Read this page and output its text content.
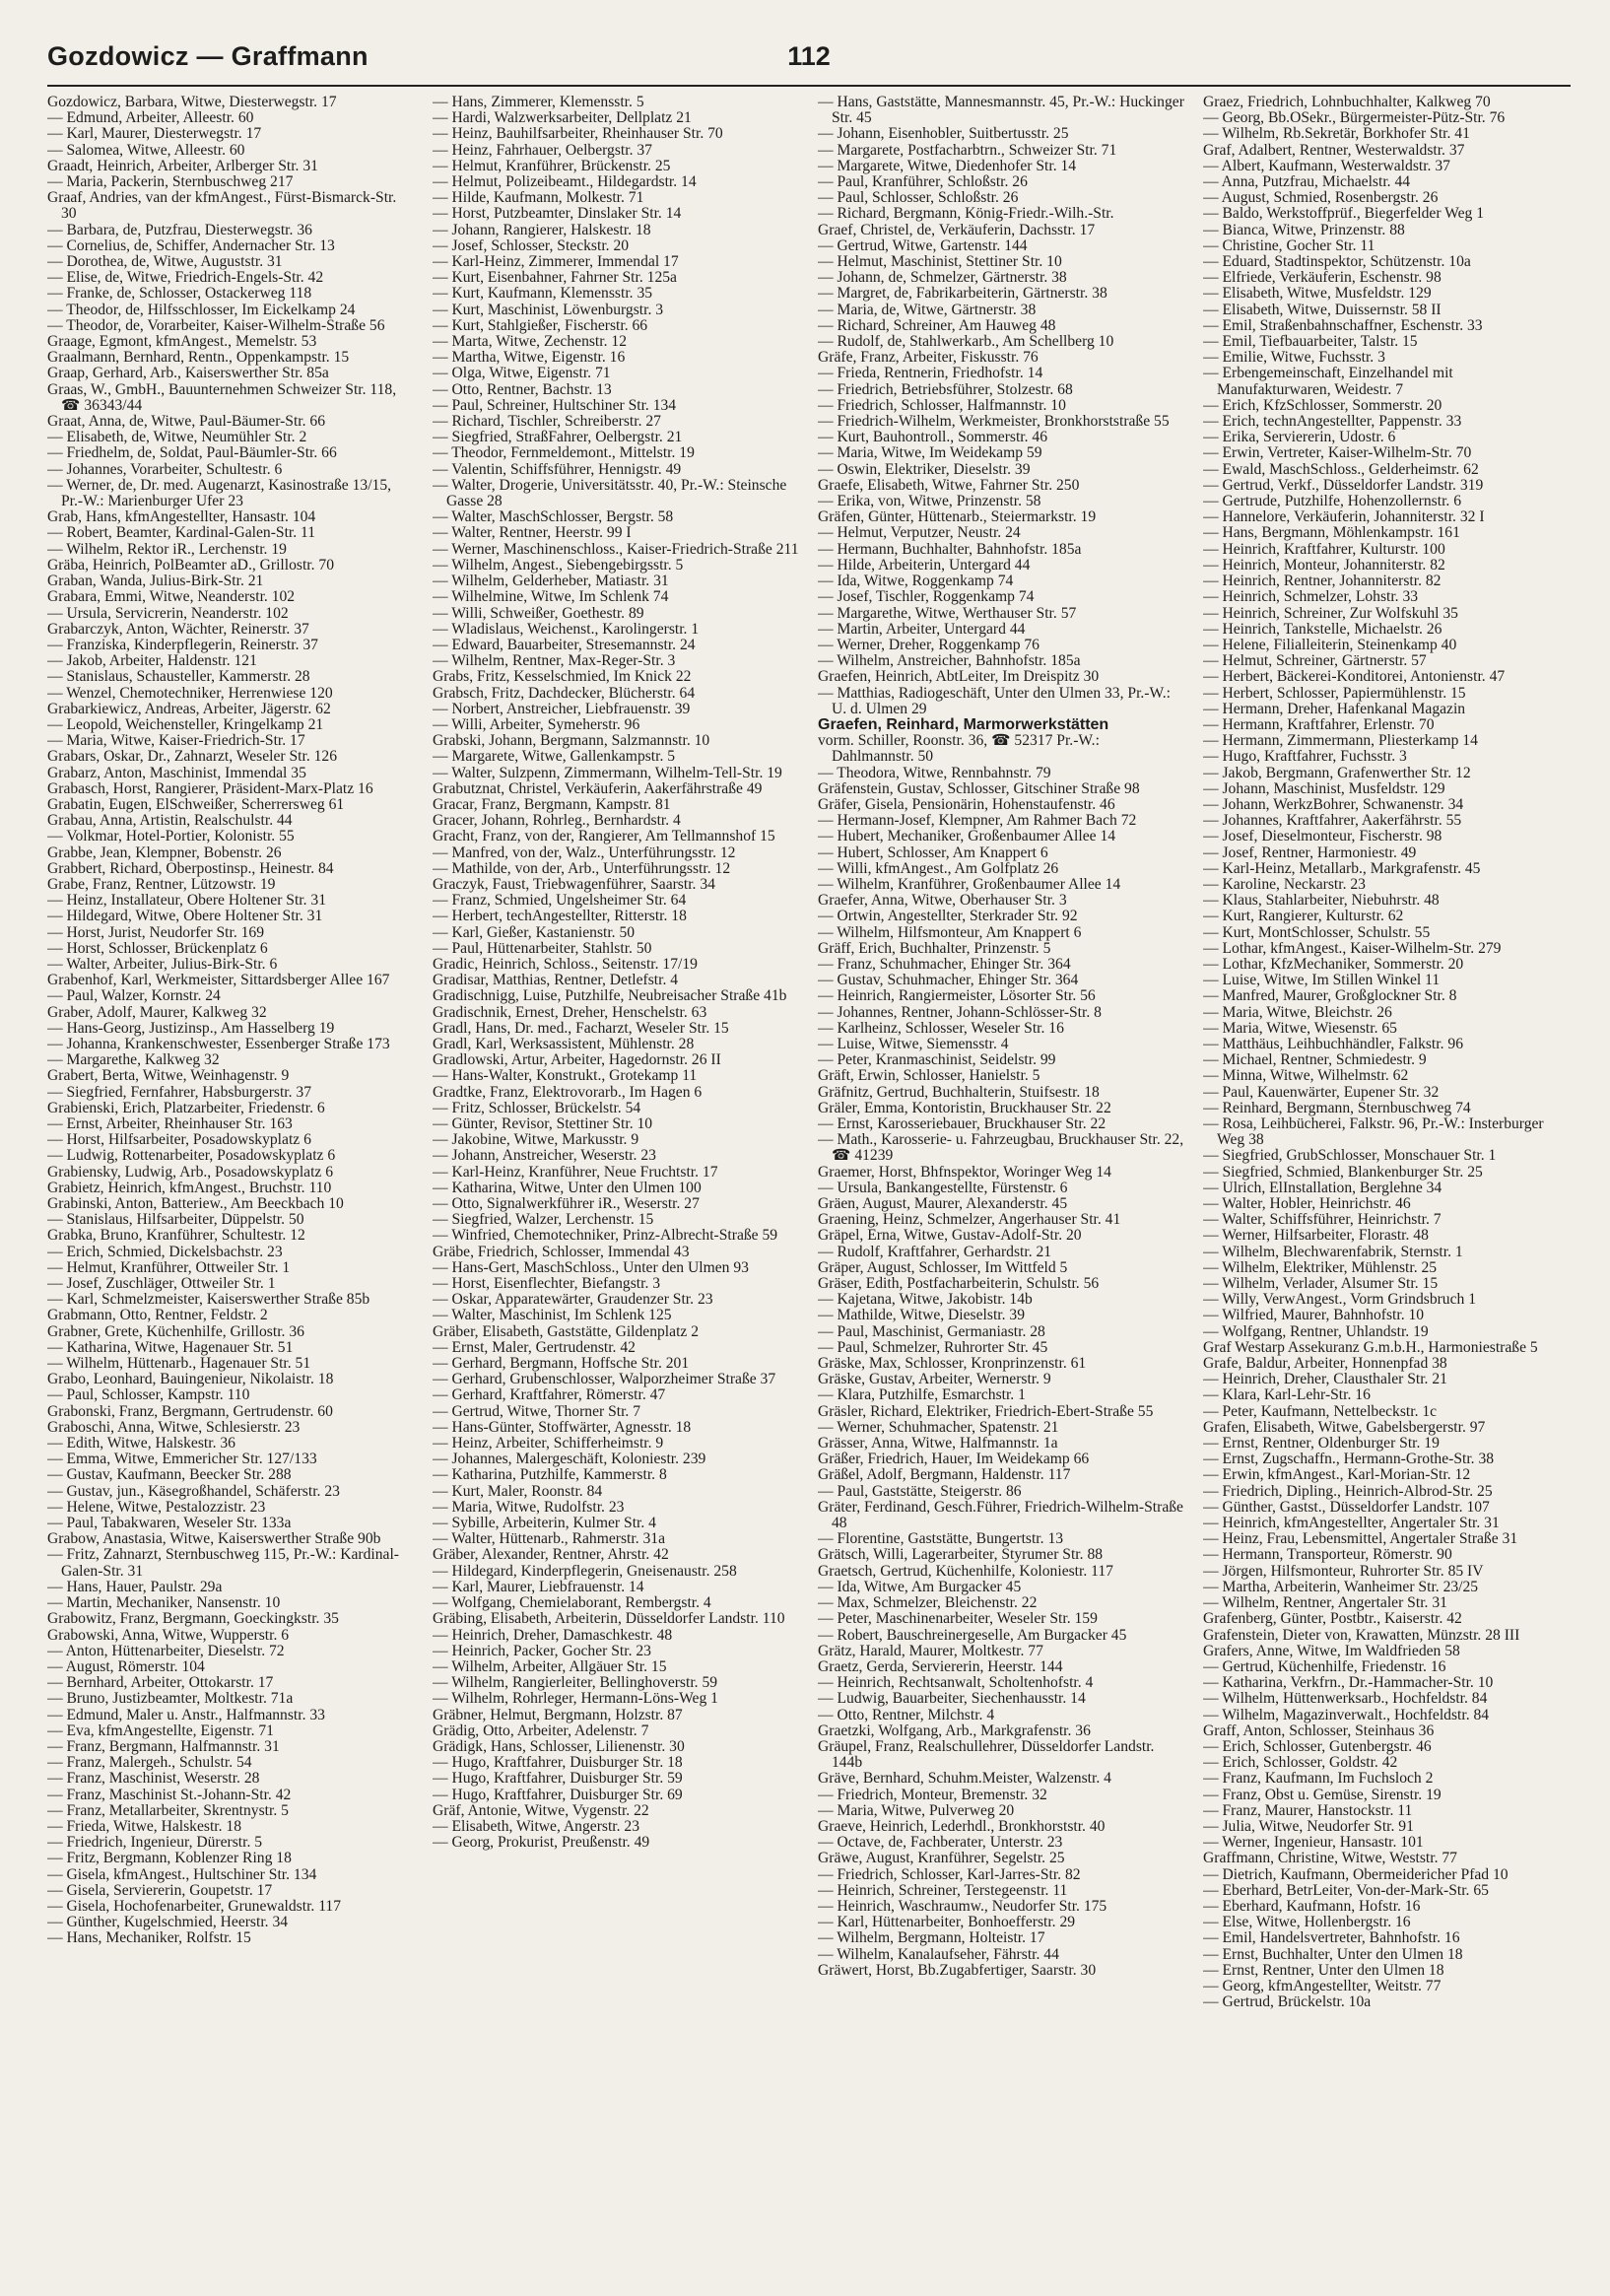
Gozdowicz — Graffmann	112
Gozdowicz, Barbara, Witwe, Diesterwegstr. 17
— Edmund, Arbeiter, Alleestr. 60
— Karl, Maurer, Diesterwegstr. 17
— Salomea, Witwe, Alleestr. 60
Graadt, Heinrich, Arbeiter, Arlberger Str. 31
— Maria, Packerin, Sternbuschweg 217
Graaf, Andries, van der kfmAngest., Fürst-Bismarck-Str. 30
— Barbara, de, Putzfrau, Diesterwegstr. 36
— Cornelius, de, Schiffer, Andernacher Str. 13
— Dorothea, de, Witwe, Auguststr. 31
— Elise, de, Witwe, Friedrich-Engels-Str. 42
— Franke, de, Schlosser, Ostackerweg 118
— Theodor, de, Hilfsschlosser, Im Eickelkamp 24
— Theodor, de, Vorarbeiter, Kaiser-Wilhelm-Straße 56
Graage, Egmont, kfmAngest., Memelstr. 53
Graalmann, Bernhard, Rentn., Oppenkampstr. 15
Graap, Gerhard, Arb., Kaiserswerther Str. 85a
Graas, W., GmbH., Bauunternehmen Schweizer Str. 118, ☎ 36343/44
Graat, Anna, de, Witwe, Paul-Bäumer-Str. 66
— Elisabeth, de, Witwe, Neumühler Str. 2
— Friedhelm, de, Soldat, Paul-Bäumler-Str. 66
— Johannes, Vorarbeiter, Schultestr. 6
— Werner, de, Dr. med. Augenarzt, Kasinostraße 13/15, Pr.-W.: Marienburger Ufer 23
Grab, Hans, kfmAngestellter, Hansastr. 104
— Robert, Beamter, Kardinal-Galen-Str. 11
— Wilhelm, Rektor iR., Lerchenstr. 19
Gräba, Heinrich, PolBeamter aD., Grillostr. 70
Graban, Wanda, Julius-Birk-Str. 21
Grabara, Emmi, Witwe, Neanderstr. 102
— Ursula, Servicrerin, Neanderstr. 102
Grabarczyk, Anton, Wächter, Reinerstr. 37
— Franziska, Kinderpflegerin, Reinerstr. 37
— Jakob, Arbeiter, Haldenstr. 121
— Stanislaus, Schausteller, Kammerstr. 28
— Wenzel, Chemotechniker, Herrenwiese 120
Grabarkiewicz, Andreas, Arbeiter, Jägerstr. 62
— Leopold, Weichensteller, Kringelkamp 21
— Maria, Witwe, Kaiser-Friedrich-Str. 17
Grabars, Oskar, Dr., Zahnarzt, Weseler Str. 126
Grabarz, Anton, Maschinist, Immendal 35
Grabasch, Horst, Rangierer, Präsident-Marx-Platz 16
Grabatin, Eugen, ElSchweißer, Scherrersweg 61
Grabau, Anna, Artistin, Realschulstr. 44
— Volkmar, Hotel-Portier, Kolonistr. 55
Grabbe, Jean, Klempner, Bobenstr. 26
Grabbert, Richard, Oberpostinsp., Heinestr. 84
Grabe, Franz, Rentner, Lützowstr. 19
— Heinz, Installateur, Obere Holtener Str. 31
— Hildegard, Witwe, Obere Holtener Str. 31
— Horst, Jurist, Neudorfer Str. 169
— Horst, Schlosser, Brückenplatz 6
— Walter, Arbeiter, Julius-Birk-Str. 6
Grabenhof, Karl, Werkmeister, Sittardsberger Allee 167
— Paul, Walzer, Kornstr. 24
Graber, Adolf, Maurer, Kalkweg 32
— Hans-Georg, Justizinsp., Am Hasselberg 19
— Johanna, Krankenschwester, Essenberger Straße 173
— Margarethe, Kalkweg 32
Grabert, Berta, Witwe, Weinhagenstr. 9
— Siegfried, Fernfahrer, Habsburgerstr. 37
Grabienski, Erich, Platzarbeiter, Friedenstr. 6
— Ernst, Arbeiter, Rheinhauser Str. 163
— Horst, Hilfsarbeiter, Posadowskyplatz 6
— Ludwig, Rottenarbeiter, Posadowskyplatz 6
Grabiensky, Ludwig, Arb., Posadowskyplatz 6
Grabietz, Heinrich, kfmAngest., Bruchstr. 110
Grabinski, Anton, Batteriew., Am Beeckbach 10
— Stanislaus, Hilfsarbeiter, Düppelstr. 50
Grabka, Bruno, Kranführer, Schultestr. 12
— Erich, Schmied, Dickelsbachstr. 23
— Helmut, Kranführer, Ottweiler Str. 1
— Josef, Zuschläger, Ottweiler Str. 1
— Karl, Schmelzmeister, Kaiserswerther Straße 85b
Grabmann, Otto, Rentner, Feldstr. 2
Grabner, Grete, Küchenhilfe, Grillostr. 36
— Katharina, Witwe, Hagenauer Str. 51
— Wilhelm, Hüttenarb., Hagenauer Str. 51
Grabo, Leonhard, Bauingenieur, Nikolaistr. 18
— Paul, Schlosser, Kampstr. 110
Grabonski, Franz, Bergmann, Gertrudenstr. 60
Graboschi, Anna, Witwe, Schlesierstr. 23
— Edith, Witwe, Halskestr. 36
— Emma, Witwe, Emmericher Str. 127/133
— Gustav, Kaufmann, Beecker Str. 288
— Gustav, jun., Käsegroßhandel, Schäferstr. 23
— Helene, Witwe, Pestalozzistr. 23
— Paul, Tabakwaren, Weseler Str. 133a
Grabow, Anastasia, Witwe, Kaiserswerther Straße 90b
— Fritz, Zahnarzt, Sternbuschweg 115, Pr.-W.: Kardinal-Galen-Str. 31
— Hans, Hauer, Paulstr. 29a
— Martin, Mechaniker, Nansenstr. 10
Grabowitz, Franz, Bergmann, Goeckingkstr. 35
Grabowski, Anna, Witwe, Wupperstr. 6
— Anton, Hüttenarbeiter, Dieselstr. 72
— August, Römerstr. 104
— Bernhard, Arbeiter, Ottokarstr. 17
— Bruno, Justizbeamter, Moltkestr. 71a
— Edmund, Maler u. Anstr., Halfmannstr. 33
— Eva, kfmAngestellte, Eigenstr. 71
— Franz, Bergmann, Halfmannstr. 31
— Franz, Malergeh., Schulstr. 54
— Franz, Maschinist, Weserstr. 28
— Franz, Maschinist St.-Johann-Str. 42
— Franz, Metallarbeiter, Skrentnystr. 5
— Frieda, Witwe, Halskestr. 18
— Friedrich, Ingenieur, Dürerstr. 5
— Fritz, Bergmann, Koblenzer Ring 18
— Gisela, kfmAngest., Hultschiner Str. 134
— Gisela, Serviererin, Goupetstr. 17
— Gisela, Hochofenarbeiter, Grunewaldstr. 117
— Günther, Kugelschmied, Heerstr. 34
— Hans, Mechaniker, Rolfstr. 15
— Hans, Zimmerer, Klemensstr. 5
— Hardi, Walzwerksarbeiter, Dellplatz 21
— Heinz, Bauhilfsarbeiter, Rheinhauser Str. 70
— Heinz, Fahrhauer, Oelbergstr. 37
— Helmut, Kranführer, Brückenstr. 25
— Helmut, Polizeibeamt., Hildegardstr. 14
— Hilde, Kaufmann, Molkestr. 71
— Horst, Putzbeamter, Dinslaker Str. 14
— Johann, Rangierer, Halskestr. 18
— Josef, Schlosser, Steckstr. 20
— Karl-Heinz, Zimmerer, Immendal 17
— Kurt, Eisenbahner, Fahrner Str. 125a
— Kurt, Kaufmann, Klemensstr. 35
— Kurt, Maschinist, Löwenburgstr. 3
— Kurt, Stahlgießer, Fischerstr. 66
— Marta, Witwe, Zechenstr. 12
— Martha, Witwe, Eigenstr. 16
— Olga, Witwe, Eigenstr. 71
— Otto, Rentner, Bachstr. 13
— Paul, Schreiner, Hultschiner Str. 134
— Richard, Tischler, Schreiberstr. 27
— Siegfried, StraßFahrer, Oelbergstr. 21
— Theodor, Fernmeldemont., Mittelstr. 19
— Valentin, Schiffsführer, Hennigstr. 49
— Walter, Drogerie, Universitätsstr. 40, Pr.-W.: Steinsche Gasse 28
— Walter, MaschSchlosser, Bergstr. 58
— Walter, Rentner, Heerstr. 99 I
— Werner, Maschinenschloss., Kaiser-Friedrich-Straße 211
— Wilhelm, Angest., Siebengebirgsstr. 5
— Wilhelm, Gelderheber, Matiastr. 31
— Wilhelmine, Witwe, Im Schlenk 74
— Willi, Schweißer, Goethestr. 89
— Wladislaus, Weichenst., Karolingerstr. 1
— Edward, Bauarbeiter, Stresemannstr. 24
— Wilhelm, Rentner, Max-Reger-Str. 3
Grabs, Fritz, Kesselschmied, Im Knick 22
Grabsch, Fritz, Dachdecker, Blücherstr. 64
— Norbert, Anstreicher, Liebfrauenstr. 39
— Willi, Arbeiter, Symeherstr. 96
Grabski, Johann, Bergmann, Salzmannstr. 10
— Margarete, Witwe, Gallenkampstr. 5
— Walter, Sulzpenn, Zimmermann, Wilhelm-Tell-Str. 19
Grabutznat, Christel, Verkäuferin, Aakerfährstraße 49
Gracar, Franz, Bergmann, Kampstr. 81
Gracer, Johann, Rohrleg., Bernhardstr. 4
Gracht, Franz, von der, Rangierer, Am Tellmannshof 15
— Manfred, von der, Walz., Unterführungsstr. 12
— Mathilde, von der, Arb., Unterführungsstr. 12
Graczyk, Faust, Triebwagenführer, Saarstr. 34
— Franz, Schmied, Ungelsheimer Str. 64
— Herbert, techAngestellter, Ritterstr. 18
— Karl, Gießer, Kastanienstr. 50
— Paul, Hüttenarbeiter, Stahlstr. 50
Gradic, Heinrich, Schloss., Seitenstr. 17/19
Gradisar, Matthias, Rentner, Detlefstr. 4
Gradischnigg, Luise, Putzhilfe, Neubreisacher Straße 41b
Gradischnik, Ernest, Dreher, Henschelstr. 63
Gradl, Hans, Dr. med., Facharzt, Weseler Str. 15
Gradl, Karl, Werksassistent, Mühlenstr. 28
Gradlowski, Artur, Arbeiter, Hagedornstr. 26 II
— Hans-Walter, Konstrukt., Grotekamp 11
Gradtke, Franz, Elektrovorarb., Im Hagen 6
— Fritz, Schlosser, Brückelstr. 54
— Günter, Revisor, Stettiner Str. 10
— Jakobine, Witwe, Markusstr. 9
— Johann, Anstreicher, Weserstr. 23
— Karl-Heinz, Kranführer, Neue Fruchtstr. 17
— Katharina, Witwe, Unter den Ulmen 100
— Otto, Signalwerkführer iR., Weserstr. 27
— Siegfried, Walzer, Lerchenstr. 15
— Winfried, Chemotechniker, Prinz-Albrecht-Straße 59
Gräbe, Friedrich, Schlosser, Immendal 43
— Hans-Gert, MaschSchloss., Unter den Ulmen 93
— Horst, Eisenflechter, Biefangstr. 3
— Oskar, Apparatewärter, Graudenzer Str. 23
— Walter, Maschinist, Im Schlenk 125
Gräber, Elisabeth, Gaststätte, Gildenplatz 2
— Ernst, Maler, Gertrudenstr. 42
— Gerhard, Bergmann, Hoffsche Str. 201
— Gerhard, Grubenschlosser, Walporzheimer Straße 37
— Gerhard, Kraftfahrer, Römerstr. 47
— Gertrud, Witwe, Thorner Str. 7
— Hans-Günter, Stoffwärter, Agnesstr. 18
— Heinz, Arbeiter, Schifferheimstr. 9
— Johannes, Malergeschäft, Koloniestr. 239
— Katharina, Putzhilfe, Kammerstr. 8
— Kurt, Maler, Roonstr. 84
— Maria, Witwe, Rudolfstr. 23
— Sybille, Arbeiterin, Kulmer Str. 4
— Walter, Hüttenarb., Rahmerstr. 31a
Gräber, Alexander, Rentner, Ahrstr. 42
— Hildegard, Kinderpflegerin, Gneisenaustr. 258
— Karl, Maurer, Liebfrauenstr. 14
— Wolfgang, Chemielaborant, Rembergstr. 4
Gräbing, Elisabeth, Arbeiterin, Düsseldorfer Landstr. 110
— Heinrich, Dreher, Damaschkestr. 48
— Heinrich, Packer, Gocher Str. 23
— Wilhelm, Arbeiter, Allgäuer Str. 15
— Wilhelm, Rangierleiter, Bellinghoverstr. 59
— Wilhelm, Rohrleger, Hermann-Löns-Weg 1
Gräbner, Helmut, Bergmann, Holzstr. 87
Grädig, Otto, Arbeiter, Adelenstr. 7
Grädigk, Hans, Schlosser, Lilienenstr. 30
— Hugo, Kraftfahrer, Duisburger Str. 18
— Hugo, Kraftfahrer, Duisburger Str. 59
— Hugo, Kraftfahrer, Duisburger Str. 69
Gräf, Antonie, Witwe, Vygenstr. 22
— Elisabeth, Witwe, Angerstr. 23
— Georg, Prokurist, Preußenstr. 49
— Hans, Gaststätte, Mannesmannstr. 45, Pr.-W.: Huckinger Str. 45
— Johann, Eisenhobler, Suitbertusstr. 25
— Margarete, Postfacharbtrn., Schweizer Str. 71
— Margarete, Witwe, Diedenhofer Str. 14
— Paul, Kranführer, Schloßstr. 26
— Paul, Schlosser, Schloßstr. 26
— Richard, Bergmann, König-Friedr.-Wilh.-Str.
Graef, Christel, de, Verkäuferin, Dachsstr. 17
— Gertrud, Witwe, Gartenstr. 144
— Helmut, Maschinist, Stettiner Str. 10
— Johann, de, Schmelzer, Gärtnerstr. 38
— Margret, de, Fabrikarbeiterin, Gärtnerstr. 38
— Maria, de, Witwe, Gärtnerstr. 38
— Richard, Schreiner, Am Hauweg 48
— Rudolf, de, Stahlwerkarb., Am Schellberg 10
Gräfe, Franz, Arbeiter, Fiskusstr. 76
— Frieda, Rentnerin, Friedhofstr. 14
— Friedrich, Betriebsführer, Stolzestr. 68
— Friedrich, Schlosser, Halfmannstr. 10
— Friedrich-Wilhelm, Werkmeister, Bronkhorststraße 55
— Kurt, Bauhontroll., Sommerstr. 46
— Maria, Witwe, Im Weidekamp 59
— Oswin, Elektriker, Dieselstr. 39
Graefe, Elisabeth, Witwe, Fahrner Str. 250
— Erika, von, Witwe, Prinzenstr. 58
Gräfen, Günter, Hüttenarb., Steiermarkstr. 19
— Helmut, Verputzer, Neustr. 24
— Hermann, Buchhalter, Bahnhofstr. 185a
— Hilde, Arbeiterin, Untergard 44
— Ida, Witwe, Roggenkamp 74
— Josef, Tischler, Roggenkamp 74
— Margarethe, Witwe, Werthauser Str. 57
— Martin, Arbeiter, Untergard 44
— Werner, Dreher, Roggenkamp 76
— Wilhelm, Anstreicher, Bahnhofstr. 185a
Graefen, Heinrich, AbtLeiter, Im Dreispitz 30
— Matthias, Radiogeschäft, Unter den Ulmen 33, Pr.-W.: U. d. Ulmen 29
Graefen, Reinhard, Marmorwerkstätten
vorm. Schiller, Roonstr. 36, ☎ 52317 Pr.-W.: Dahlmannstr. 50
— Theodora, Witwe, Rennbahnstr. 79
Gräfenstein, Gustav, Schlosser, Gitschiner Straße 98
Gräfer, Gisela, Pensionärin, Hohenstaufenstr. 46
— Hermann-Josef, Klempner, Am Rahmer Bach 72
— Hubert, Mechaniker, Großenbaumer Allee 14
— Hubert, Schlosser, Am Knappert 6
— Willi, kfmAngest., Am Golfplatz 26
— Wilhelm, Kranführer, Großenbaumer Allee 14
Graefer, Anna, Witwe, Oberhauser Str. 3
— Ortwin, Angestellter, Sterkrader Str. 92
— Wilhelm, Hilfsmonteur, Am Knappert 6
Gräff, Erich, Buchhalter, Prinzenstr. 5
— Franz, Schuhmacher, Ehinger Str. 364
— Gustav, Schuhmacher, Ehinger Str. 364
— Heinrich, Rangiermeister, Lösorter Str. 56
— Johannes, Rentner, Johann-Schlösser-Str. 8
— Karlheinz, Schlosser, Weseler Str. 16
— Luise, Witwe, Siemensstr. 4
— Peter, Kranmaschinist, Seidelstr. 99
Gräft, Erwin, Schlosser, Hanielstr. 5
Gräfnitz, Gertrud, Buchhalterin, Stuifsestr. 18
Gräler, Emma, Kontoristin, Bruckhauser Str. 22
— Ernst, Karosseriebauer, Bruckhauser Str. 22
— Math., Karosserie- u. Fahrzeugbau, Bruckhauser Str. 22, ☎ 41239
Graemer, Horst, Bhfnspektor, Woringer Weg 14
— Ursula, Bankangestellte, Fürstenstr. 6
Gräen, August, Maurer, Alexanderstr. 45
Graening, Heinz, Schmelzer, Angerhauser Str. 41
Gräpel, Erna, Witwe, Gustav-Adolf-Str. 20
— Rudolf, Kraftfahrer, Gerhardstr. 21
Gräper, August, Schlosser, Im Wittfeld 5
Gräser, Edith, Postfacharbeiterin, Schulstr. 56
— Kajetana, Witwe, Jakobistr. 14b
— Mathilde, Witwe, Dieselstr. 39
— Paul, Maschinist, Germaniastr. 28
— Paul, Schmelzer, Ruhrorter Str. 45
Gräske, Max, Schlosser, Kronprinzenstr. 61
Gräske, Gustav, Arbeiter, Wernerstr. 9
— Klara, Putzhilfe, Esmarchstr. 1
Gräsler, Richard, Elektriker, Friedrich-Ebert-Straße 55
— Werner, Schuhmacher, Spatenstr. 21
Grässer, Anna, Witwe, Halfmannstr. 1a
Gräßer, Friedrich, Hauer, Im Weidekamp 66
Gräßel, Adolf, Bergmann, Haldenstr. 117
— Paul, Gaststätte, Steigerstr. 86
Gräter, Ferdinand, Gesch.Führer, Friedrich-Wilhelm-Straße 48
— Florentine, Gaststätte, Bungertstr. 13
Grätsch, Willi, Lagerarbeiter, Styrumer Str. 88
Graetsch, Gertrud, Küchenhilfe, Koloniestr. 117
— Ida, Witwe, Am Burgacker 45
— Max, Schmelzer, Bleichenstr. 22
— Peter, Maschinenarbeiter, Weseler Str. 159
— Robert, Bauschreinergeselle, Am Burgacker 45
Grätz, Harald, Maurer, Moltkestr. 77
Graetz, Gerda, Serviererin, Heerstr. 144
— Heinrich, Rechtsanwalt, Scholtenhofstr. 4
— Ludwig, Bauarbeiter, Siechenhausstr. 14
— Otto, Rentner, Milchstr. 4
Graetzki, Wolfgang, Arb., Markgrafenstr. 36
Gräupel, Franz, Realschullehrer, Düsseldorfer Landstr. 144b
Gräve, Bernhard, Schuhm.Meister, Walzenstr. 4
— Friedrich, Monteur, Bremenstr. 32
— Maria, Witwe, Pulverweg 20
Graeve, Heinrich, Lederhdl., Bronkhorststr. 40
— Octave, de, Fachberater, Unterstr. 23
Gräwe, August, Kranführer, Segelstr. 25
— Friedrich, Schlosser, Karl-Jarres-Str. 82
— Heinrich, Schreiner, Terstegeenstr. 11
— Heinrich, Waschraumw., Neudorfer Str. 175
— Karl, Hüttenarbeiter, Bonhoefferstr. 29
— Wilhelm, Bergmann, Holteistr. 17
— Wilhelm, Kanalaufseher, Fährstr. 44
Gräwert, Horst, Bb.Zugabfertiger, Saarstr. 30
Graez, Friedrich, Lohnbuchhalter, Kalkweg 70
— Georg, Bb.OSekr., Bürgermeister-Pütz-Str. 76
— Wilhelm, Rb.Sekretär, Borkhofer Str. 41
Graf, Adalbert, Rentner, Westerwaldstr. 37
— Albert, Kaufmann, Westerwaldstr. 37
— Anna, Putzfrau, Michaelstr. 44
— August, Schmied, Rosenbergstr. 26
— Baldo, Werkstoffprüf., Biegerfelder Weg 1
— Bianca, Witwe, Prinzenstr. 88
— Christine, Gocher Str. 11
— Eduard, Stadtinspektor, Schützenstr. 10a
— Elfriede, Verkäuferin, Eschenstr. 98
— Elisabeth, Witwe, Musfeldstr. 129
— Elisabeth, Witwe, Duissernstr. 58 II
— Emil, Straßenbahnschaffner, Eschenstr. 33
— Emil, Tiefbauarbeiter, Talstr. 15
— Emilie, Witwe, Fuchsstr. 3
— Erbengemeinschaft, Einzelhandel mit Manufakturwaren, Weidestr. 7
— Erich, KfzSchlosser, Sommerstr. 20
— Erich, technAngestellter, Pappenstr. 33
— Erika, Serviererin, Udostr. 6
— Erwin, Vertreter, Kaiser-Wilhelm-Str. 70
— Ewald, MaschSchloss., Gelderheimstr. 62
— Gertrud, Verkf., Düsseldorfer Landstr. 319
— Gertrude, Putzhilfe, Hohenzollernstr. 6
— Hannelore, Verkäuferin, Johanniterstr. 32 I
— Hans, Bergmann, Möhlenkampstr. 161
— Heinrich, Kraftfahrer, Kulturstr. 100
— Heinrich, Monteur, Johanniterstr. 82
— Heinrich, Rentner, Johanniterstr. 82
— Heinrich, Schmelzer, Lohstr. 33
— Heinrich, Schreiner, Zur Wolfskuhl 35
— Heinrich, Tankstelle, Michaelstr. 26
— Helene, Filialleiterin, Steinenkamp 40
— Helmut, Schreiner, Gärtnerstr. 57
— Herbert, Bäckerei-Konditorei, Antonienstr. 47
— Herbert, Schlosser, Papiermühlenstr. 15
— Hermann, Dreher, Hafenkanal Magazin
— Hermann, Kraftfahrer, Erlenstr. 70
— Hermann, Zimmermann, Pliesterkamp 14
— Hugo, Kraftfahrer, Fuchsstr. 3
— Jakob, Bergmann, Grafenwerther Str. 12
— Johann, Maschinist, Musfeldstr. 129
— Johann, WerkzBohrer, Schwanenstr. 34
— Johannes, Kraftfahrer, Aakerfährstr. 55
— Josef, Dieselmonteur, Fischerstr. 98
— Josef, Rentner, Harmoniestr. 49
— Karl-Heinz, Metallarb., Markgrafenstr. 45
— Karoline, Neckarstr. 23
— Klaus, Stahlarbeiter, Niebuhrstr. 48
— Kurt, Rangierer, Kulturstr. 62
— Kurt, MontSchlosser, Schulstr. 55
— Lothar, kfmAngest., Kaiser-Wilhelm-Str. 279
— Lothar, KfzMechaniker, Sommerstr. 20
— Luise, Witwe, Im Stillen Winkel 11
— Manfred, Maurer, Großglockner Str. 8
— Maria, Witwe, Bleichstr. 26
— Maria, Witwe, Wiesenstr. 65
— Matthäus, Leihbuchhändler, Falkstr. 96
— Michael, Rentner, Schmiedestr. 9
— Minna, Witwe, Wilhelmstr. 62
— Paul, Kauenwärter, Eupener Str. 32
— Reinhard, Bergmann, Sternbuschweg 74
— Rosa, Leihbücherei, Falkstr. 96, Pr.-W.: Insterburger Weg 38
— Siegfried, GrubSchlosser, Monschauer Str. 1
— Siegfried, Schmied, Blankenburger Str. 25
— Ulrich, ElInstallation, Berglehne 34
— Walter, Hobler, Heinrichstr. 46
— Walter, Schiffsführer, Heinrichstr. 7
— Werner, Hilfsarbeiter, Florastr. 48
— Wilhelm, Blechwarenfabrik, Sternstr. 1
— Wilhelm, Elektriker, Mühlenstr. 25
— Wilhelm, Verlader, Alsumer Str. 15
— Willy, VerwAngest., Vorm Grindsbruch 1
— Wilfried, Maurer, Bahnhofstr. 10
— Wolfgang, Rentner, Uhlandstr. 19
Graf Westarp Assekuranz G.m.b.H., Harmoniestraße 5
Grafe, Baldur, Arbeiter, Honnenpfad 38
— Heinrich, Dreher, Clausthaler Str. 21
— Klara, Karl-Lehr-Str. 16
— Peter, Kaufmann, Nettelbeckstr. 1c
Grafen, Elisabeth, Witwe, Gabelsbergerstr. 97
— Ernst, Rentner, Oldenburger Str. 19
— Ernst, Zugschaffn., Hermann-Grothe-Str. 38
— Erwin, kfmAngest., Karl-Morian-Str. 12
— Friedrich, Dipling., Heinrich-Albrod-Str. 25
— Günther, Gastst., Düsseldorfer Landstr. 107
— Heinrich, kfmAngestellter, Angertaler Str. 31
— Heinz, Frau, Lebensmittel, Angertaler Straße 31
— Hermann, Transporteur, Römerstr. 90
— Jörgen, Hilfsmonteur, Ruhrorter Str. 85 IV
— Martha, Arbeiterin, Wanheimer Str. 23/25
— Wilhelm, Rentner, Angertaler Str. 31
Grafenberg, Günter, Postbtr., Kaiserstr. 42
Grafenstein, Dieter von, Krawatten, Münzstr. 28 III
Grafers, Anne, Witwe, Im Waldfrieden 58
— Gertrud, Küchenhilfe, Friedenstr. 16
— Katharina, Verkfrn., Dr.-Hammacher-Str. 10
— Wilhelm, Hüttenwerksarb., Hochfeldstr. 84
— Wilhelm, Magazinverwalt., Hochfeldstr. 84
Graff, Anton, Schlosser, Steinhaus 36
— Erich, Schlosser, Gutenbergstr. 46
— Erich, Schlosser, Goldstr. 42
— Franz, Kaufmann, Im Fuchsloch 2
— Franz, Obst u. Gemüse, Sirenstr. 19
— Franz, Maurer, Hanstockstr. 11
— Julia, Witwe, Neudorfer Str. 91
— Werner, Ingenieur, Hansastr. 101
Graffmann, Christine, Witwe, Weststr. 77
— Dietrich, Kaufmann, Obermeidericher Pfad 10
— Eberhard, BetrLeiter, Von-der-Mark-Str. 65
— Eberhard, Kaufmann, Hofstr. 16
— Else, Witwe, Hollenbergstr. 16
— Emil, Handelsvertreter, Bahnhofstr. 16
— Ernst, Buchhalter, Unter den Ulmen 18
— Ernst, Rentner, Unter den Ulmen 18
— Georg, kfmAngestellter, Weitstr. 77
— Gertrud, Brückelstr. 10a
